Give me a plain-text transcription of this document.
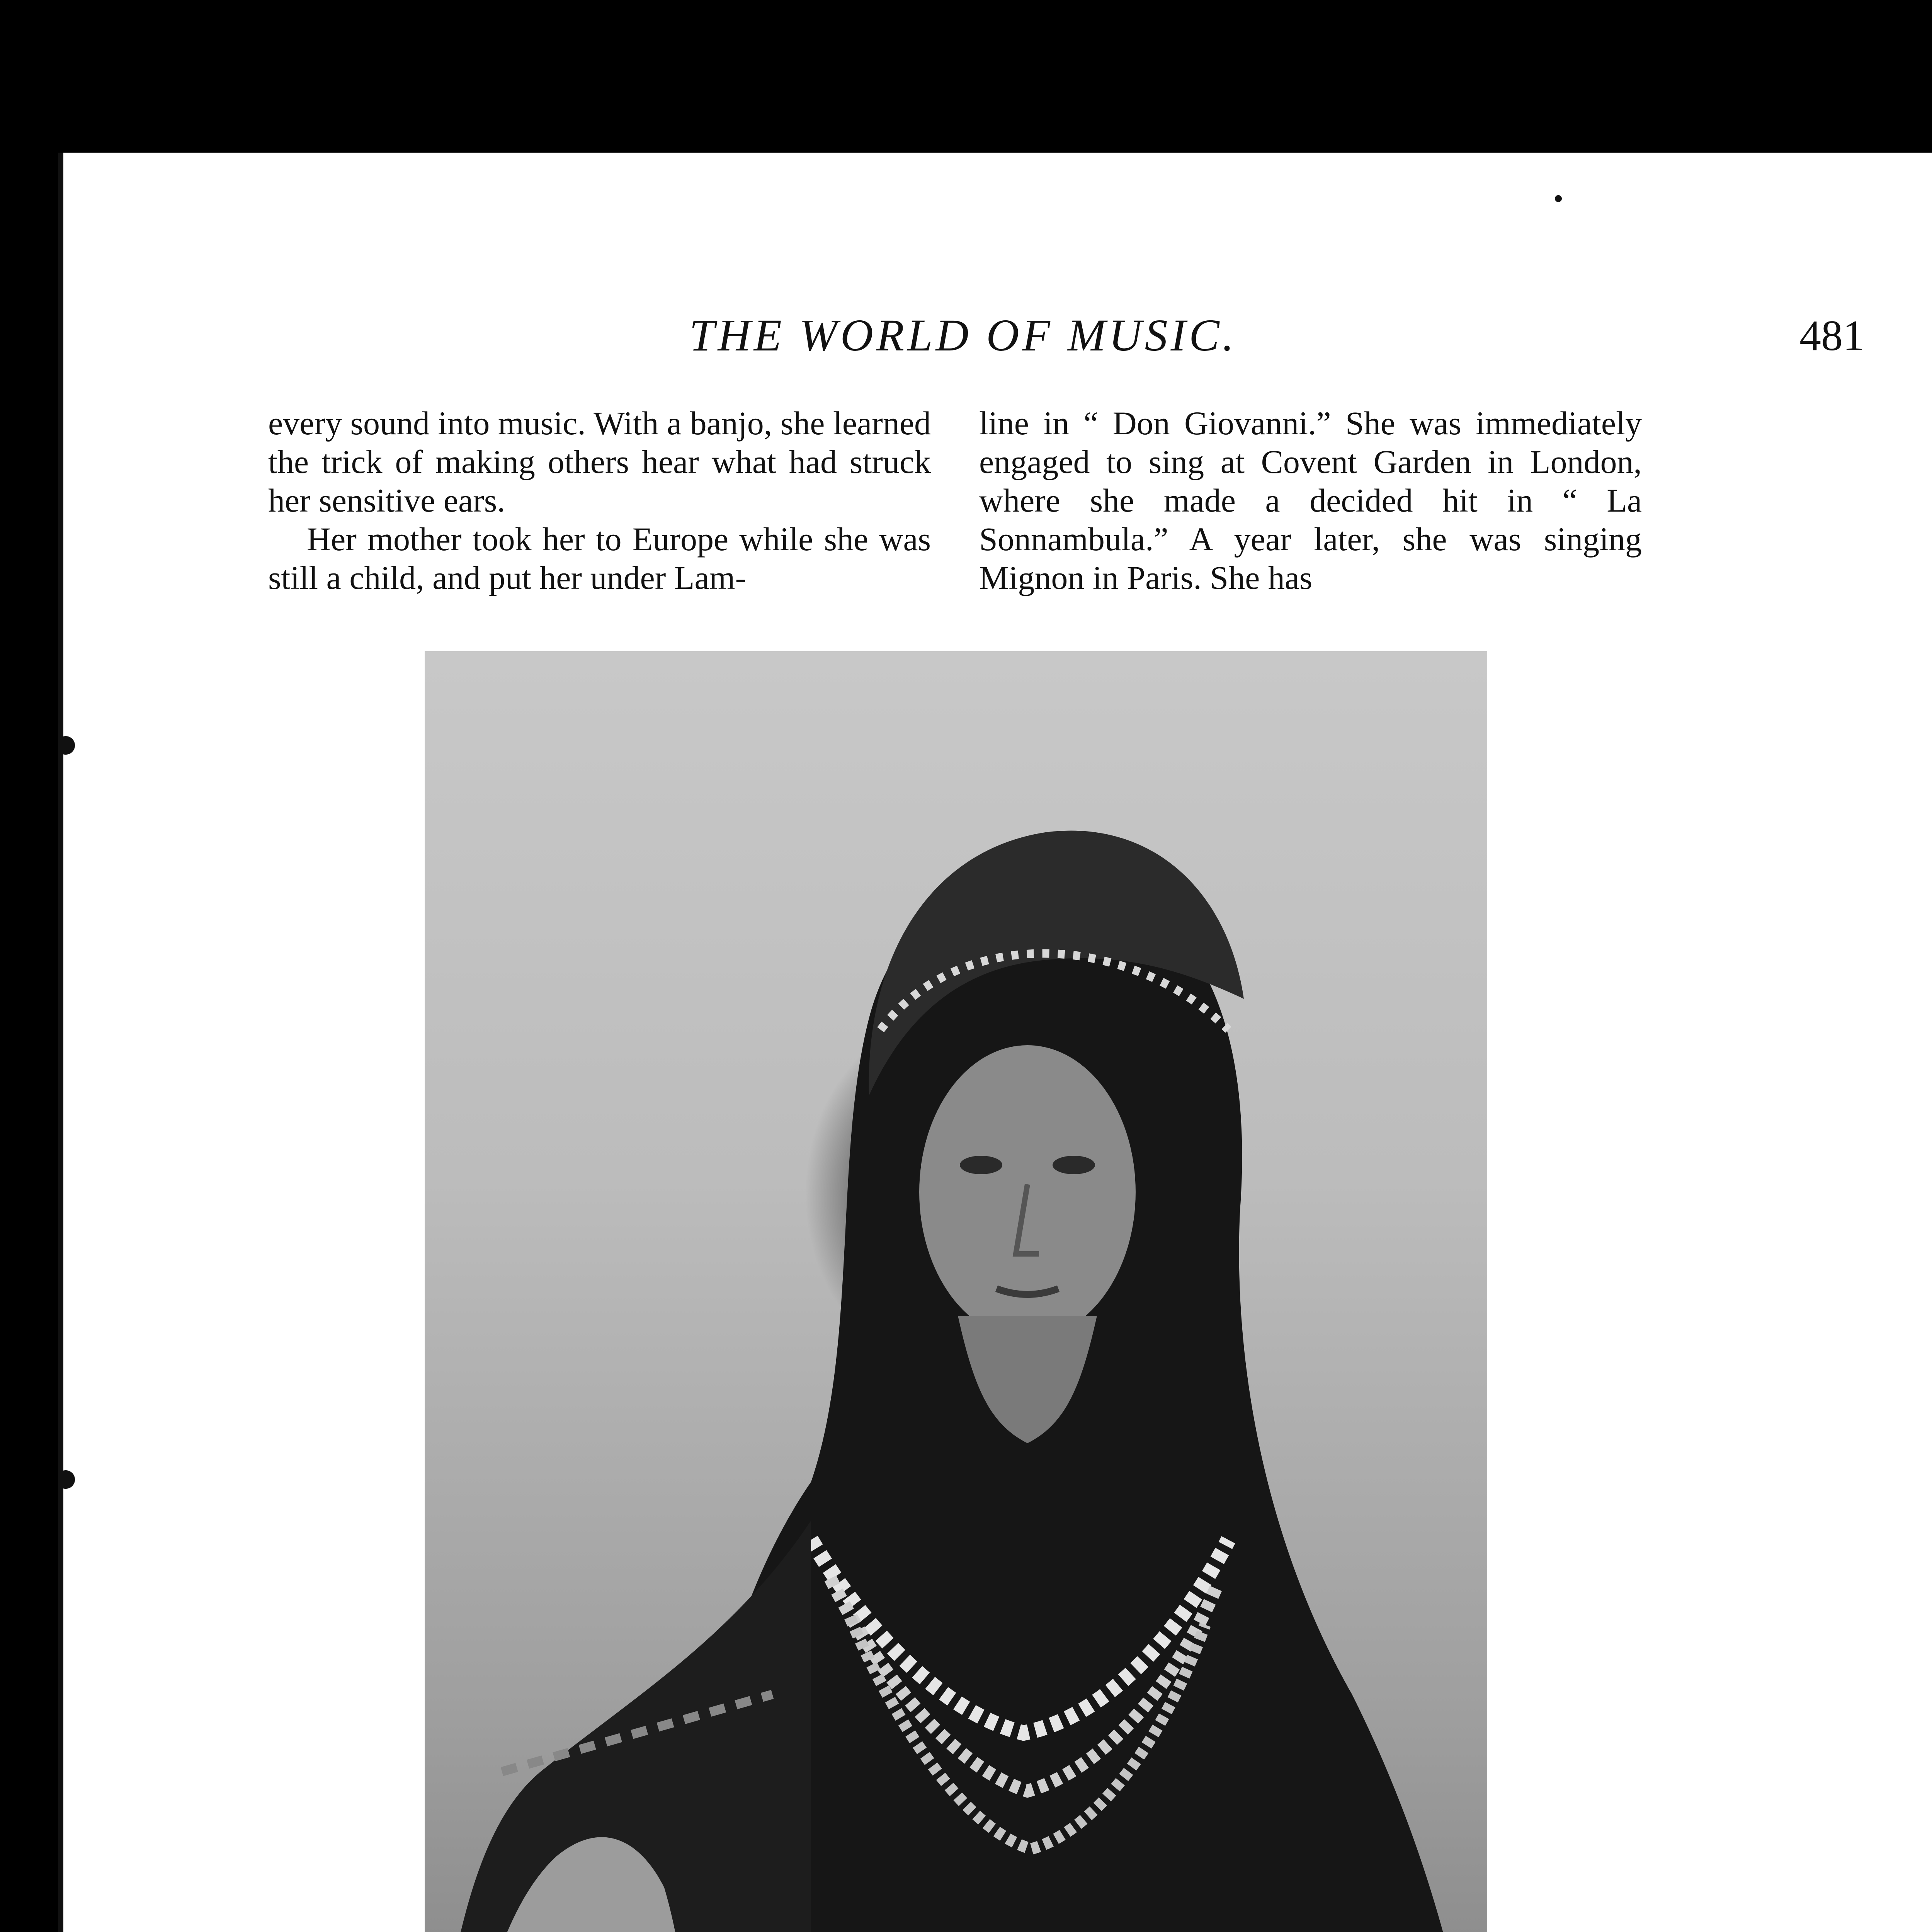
THE WORLD OF MUSIC.	481

every sound into music. With a banjo, she learned the trick of making others hear what had struck her sensitive ears.

Her mother took her to Europe while she was still a child, and put her under Lam-

line in “ Don Giovanni.” She was immediately engaged to sing at Covent Garden in London, where she made a decided hit in “ La Sonnambula.” A year later, she was singing Mignon in Paris. She has
